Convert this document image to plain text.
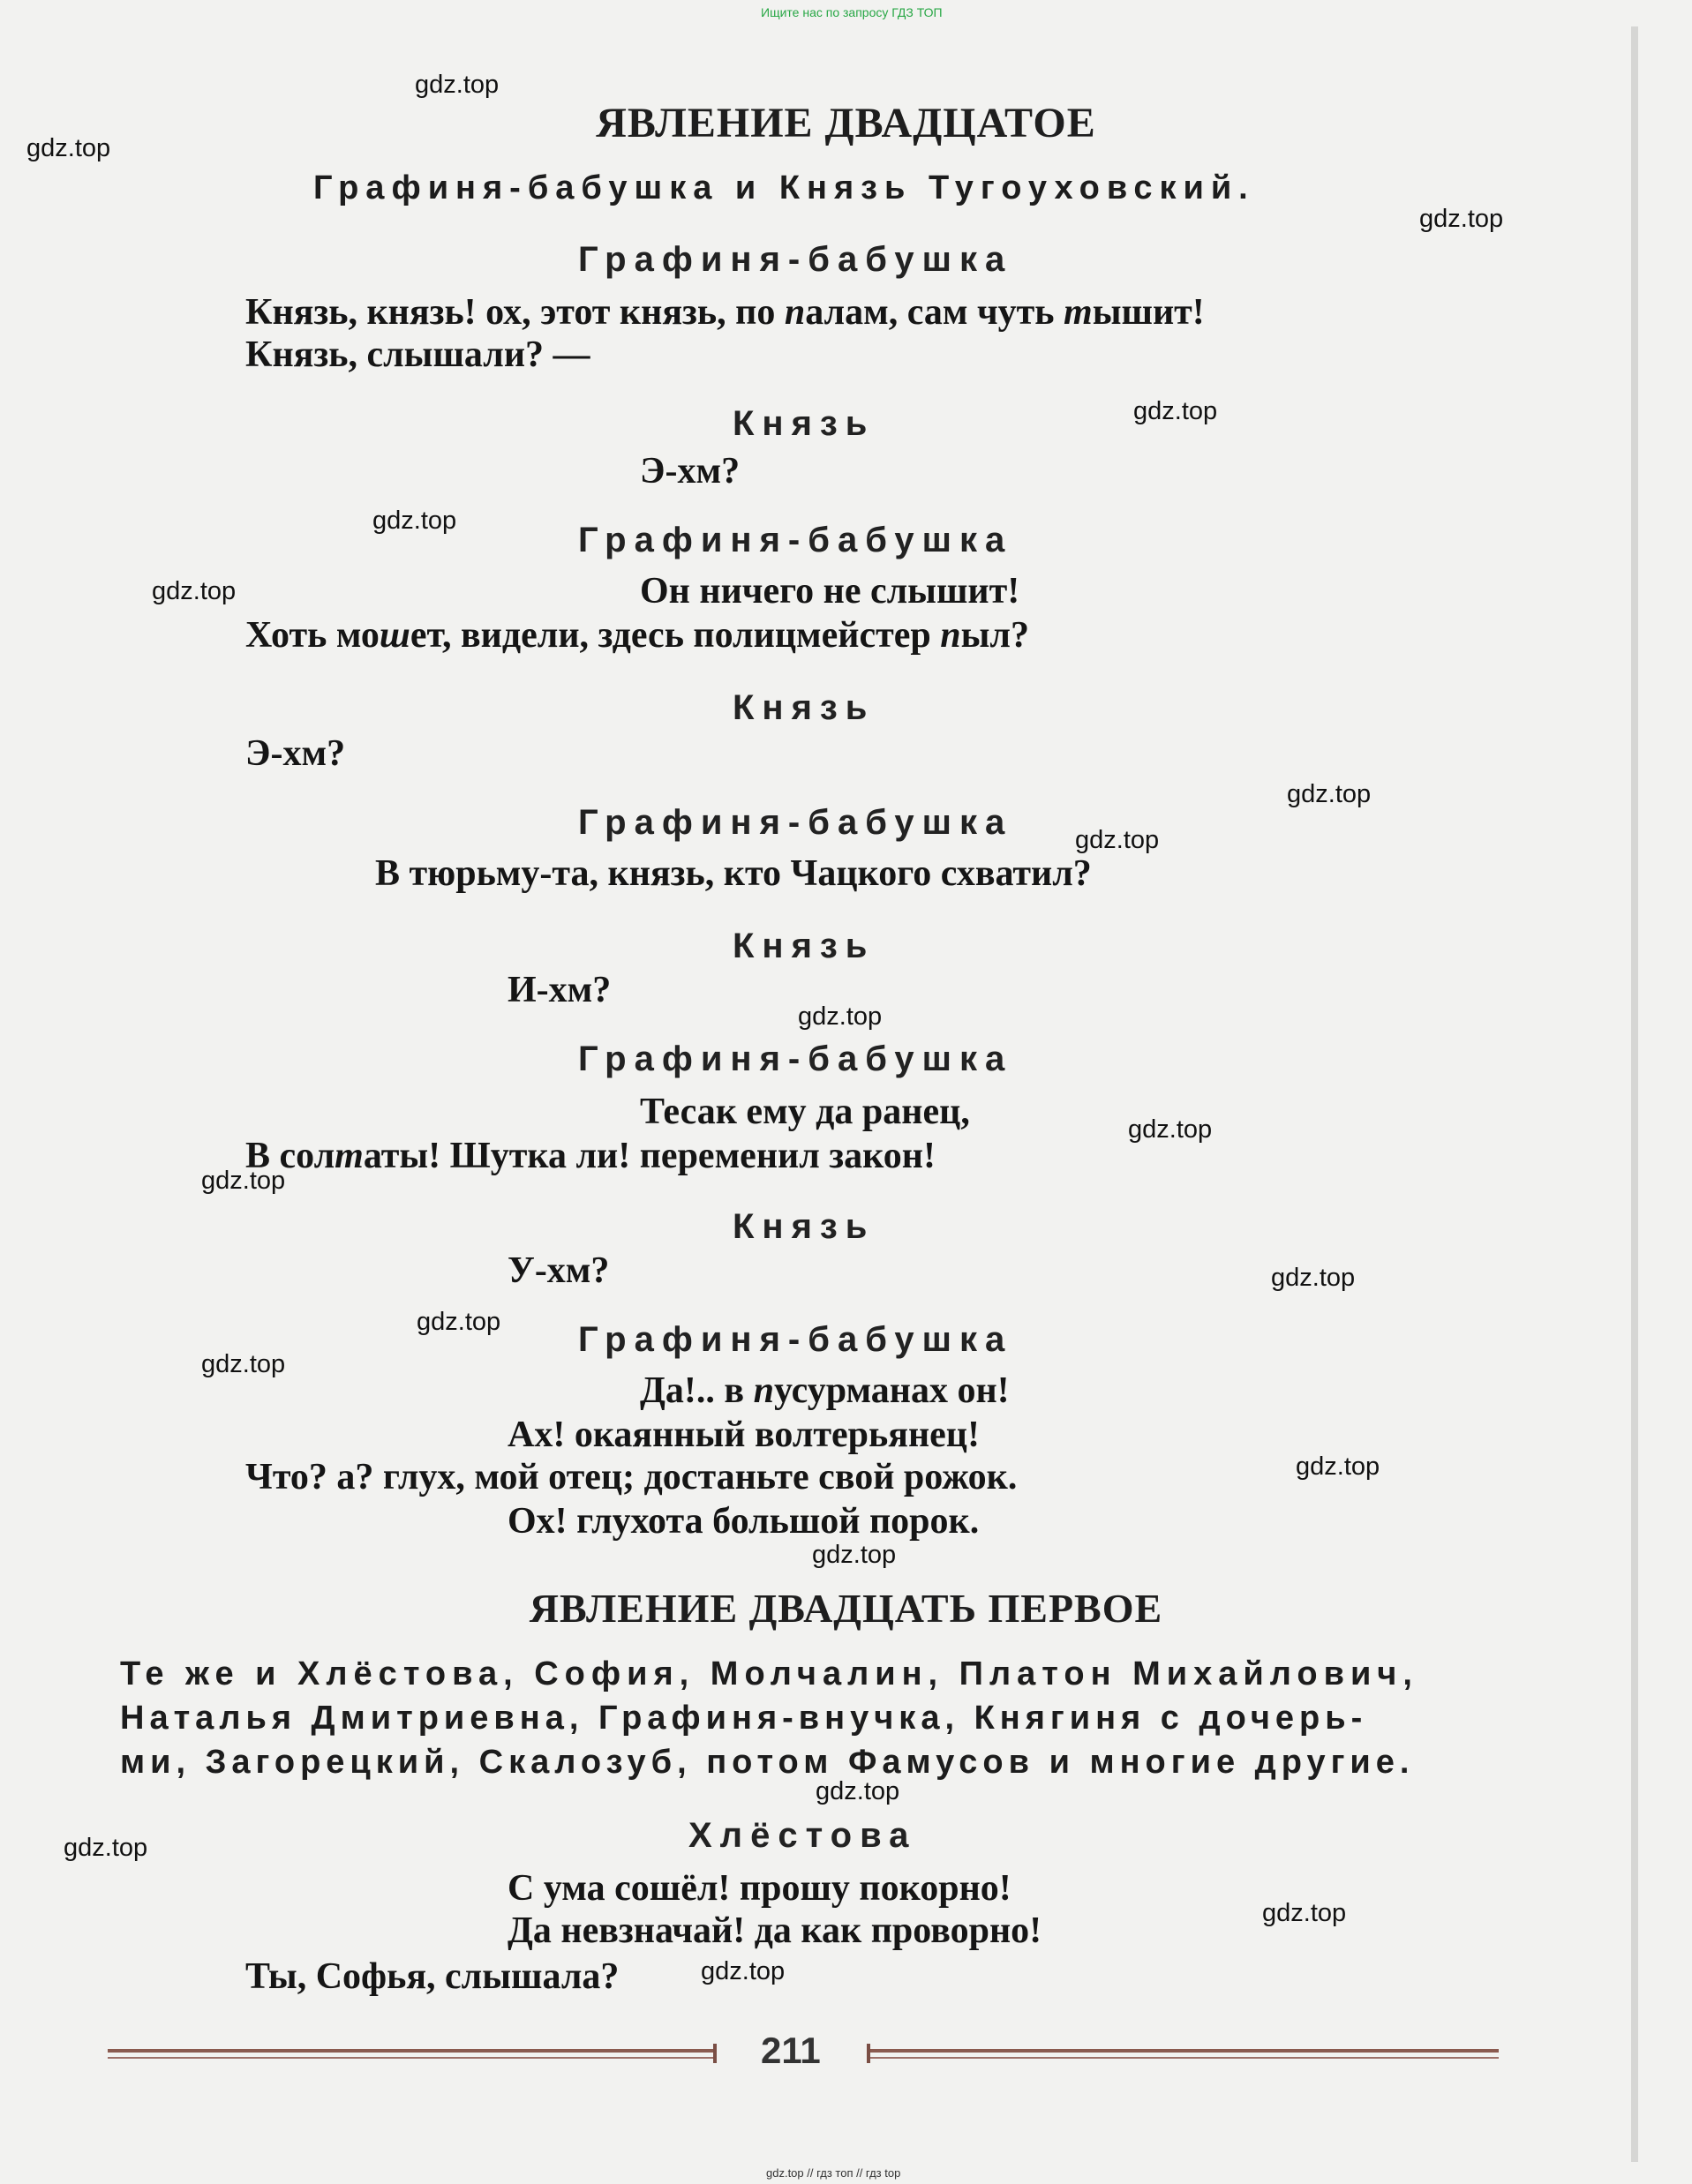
Ищите нас по запросу ГДЗ ТОП
ЯВЛЕНИЕ ДВАДЦАТОЕ
Графиня-бабушка и Князь Тугоуховский.
Графиня-бабушка
Князь, князь! ох, этот князь, по палам, сам чуть тышит!
Князь, слышали? —
Князь
Э-хм?
Графиня-бабушка
Он ничего не слышит!
Хоть мошет, видели, здесь полицмейстер пыл?
Князь
Э-хм?
Графиня-бабушка
В тюрьму-та, князь, кто Чацкого схватил?
Князь
И-хм?
Графиня-бабушка
Тесак ему да ранец,
В солтаты! Шутка ли! переменил закон!
Князь
У-хм?
Графиня-бабушка
Да!.. в пусурманах он!
Ах! окаянный волтерьянец!
Что? а? глух, мой отец; достаньте свой рожок.
Ох! глухота большой порок.
ЯВЛЕНИЕ ДВАДЦАТЬ ПЕРВОЕ
Те же и Хлёстова, София, Молчалин, Платон Михайлович,
Наталья Дмитриевна, Графиня-внучка, Княгиня с дочерь-
ми, Загорецкий, Скалозуб, потом Фамусов и многие другие.
Хлёстова
С ума сошёл! прошу покорно!
Да невзначай! да как проворно!
Ты, Софья, слышала?
211
gdz.top // гдз топ // гдз top
gdz.top
gdz.top
gdz.top
gdz.top
gdz.top
gdz.top
gdz.top
gdz.top
gdz.top
gdz.top
gdz.top
gdz.top
gdz.top
gdz.top
gdz.top
gdz.top
gdz.top
gdz.top
gdz.top
gdz.top
